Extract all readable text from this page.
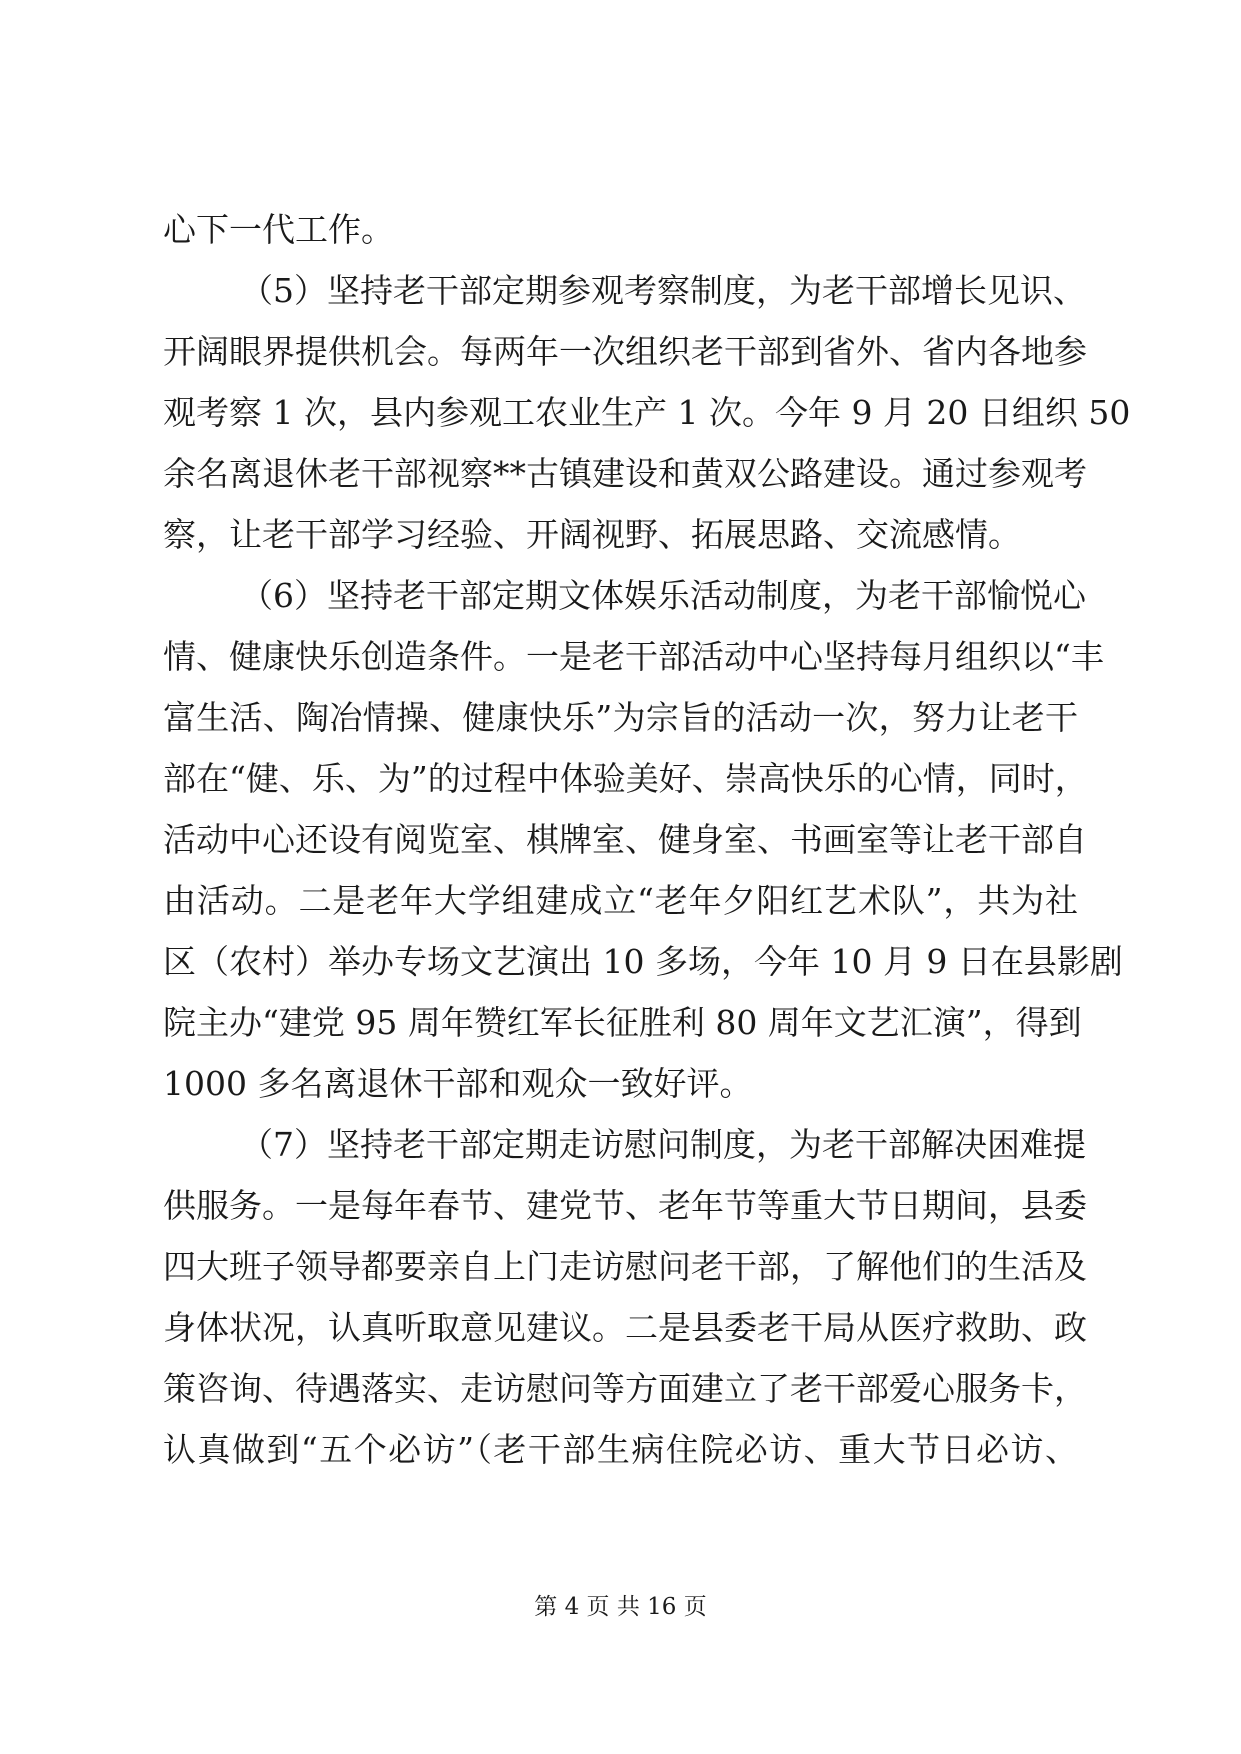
心下一代工作。
（5）坚持老干部定期参观考察制度，为老干部增长见识、
开阔眼界提供机会。每两年一次组织老干部到省外、省内各地参
观考察 1 次，县内参观工农业生产 1 次。今年 9 月 20 日组织 50
余名离退休老干部视察**古镇建设和黄双公路建设。通过参观考
察，让老干部学习经验、开阔视野、拓展思路、交流感情。
（6）坚持老干部定期文体娱乐活动制度，为老干部愉悦心
情、健康快乐创造条件。一是老干部活动中心坚持每月组织以“丰
富生活、陶冶情操、健康快乐”为宗旨的活动一次，努力让老干
部在“健、乐、为”的过程中体验美好、崇高快乐的心情，同时，
活动中心还设有阅览室、棋牌室、健身室、书画室等让老干部自
由活动。二是老年大学组建成立“老年夕阳红艺术队”，共为社
区（农村）举办专场文艺演出 10 多场，今年 10 月 9 日在县影剧
院主办“建党 95 周年赞红军长征胜利 80 周年文艺汇演”，得到
1000 多名离退休干部和观众一致好评。
（7）坚持老干部定期走访慰问制度，为老干部解决困难提
供服务。一是每年春节、建党节、老年节等重大节日期间，县委
四大班子领导都要亲自上门走访慰问老干部，了解他们的生活及
身体状况，认真听取意见建议。二是县委老干局从医疗救助、政
策咨询、待遇落实、走访慰问等方面建立了老干部爱心服务卡，
认真做到“五个必访”（老干部生病住院必访、重大节日必访、
第 4 页 共 16 页
